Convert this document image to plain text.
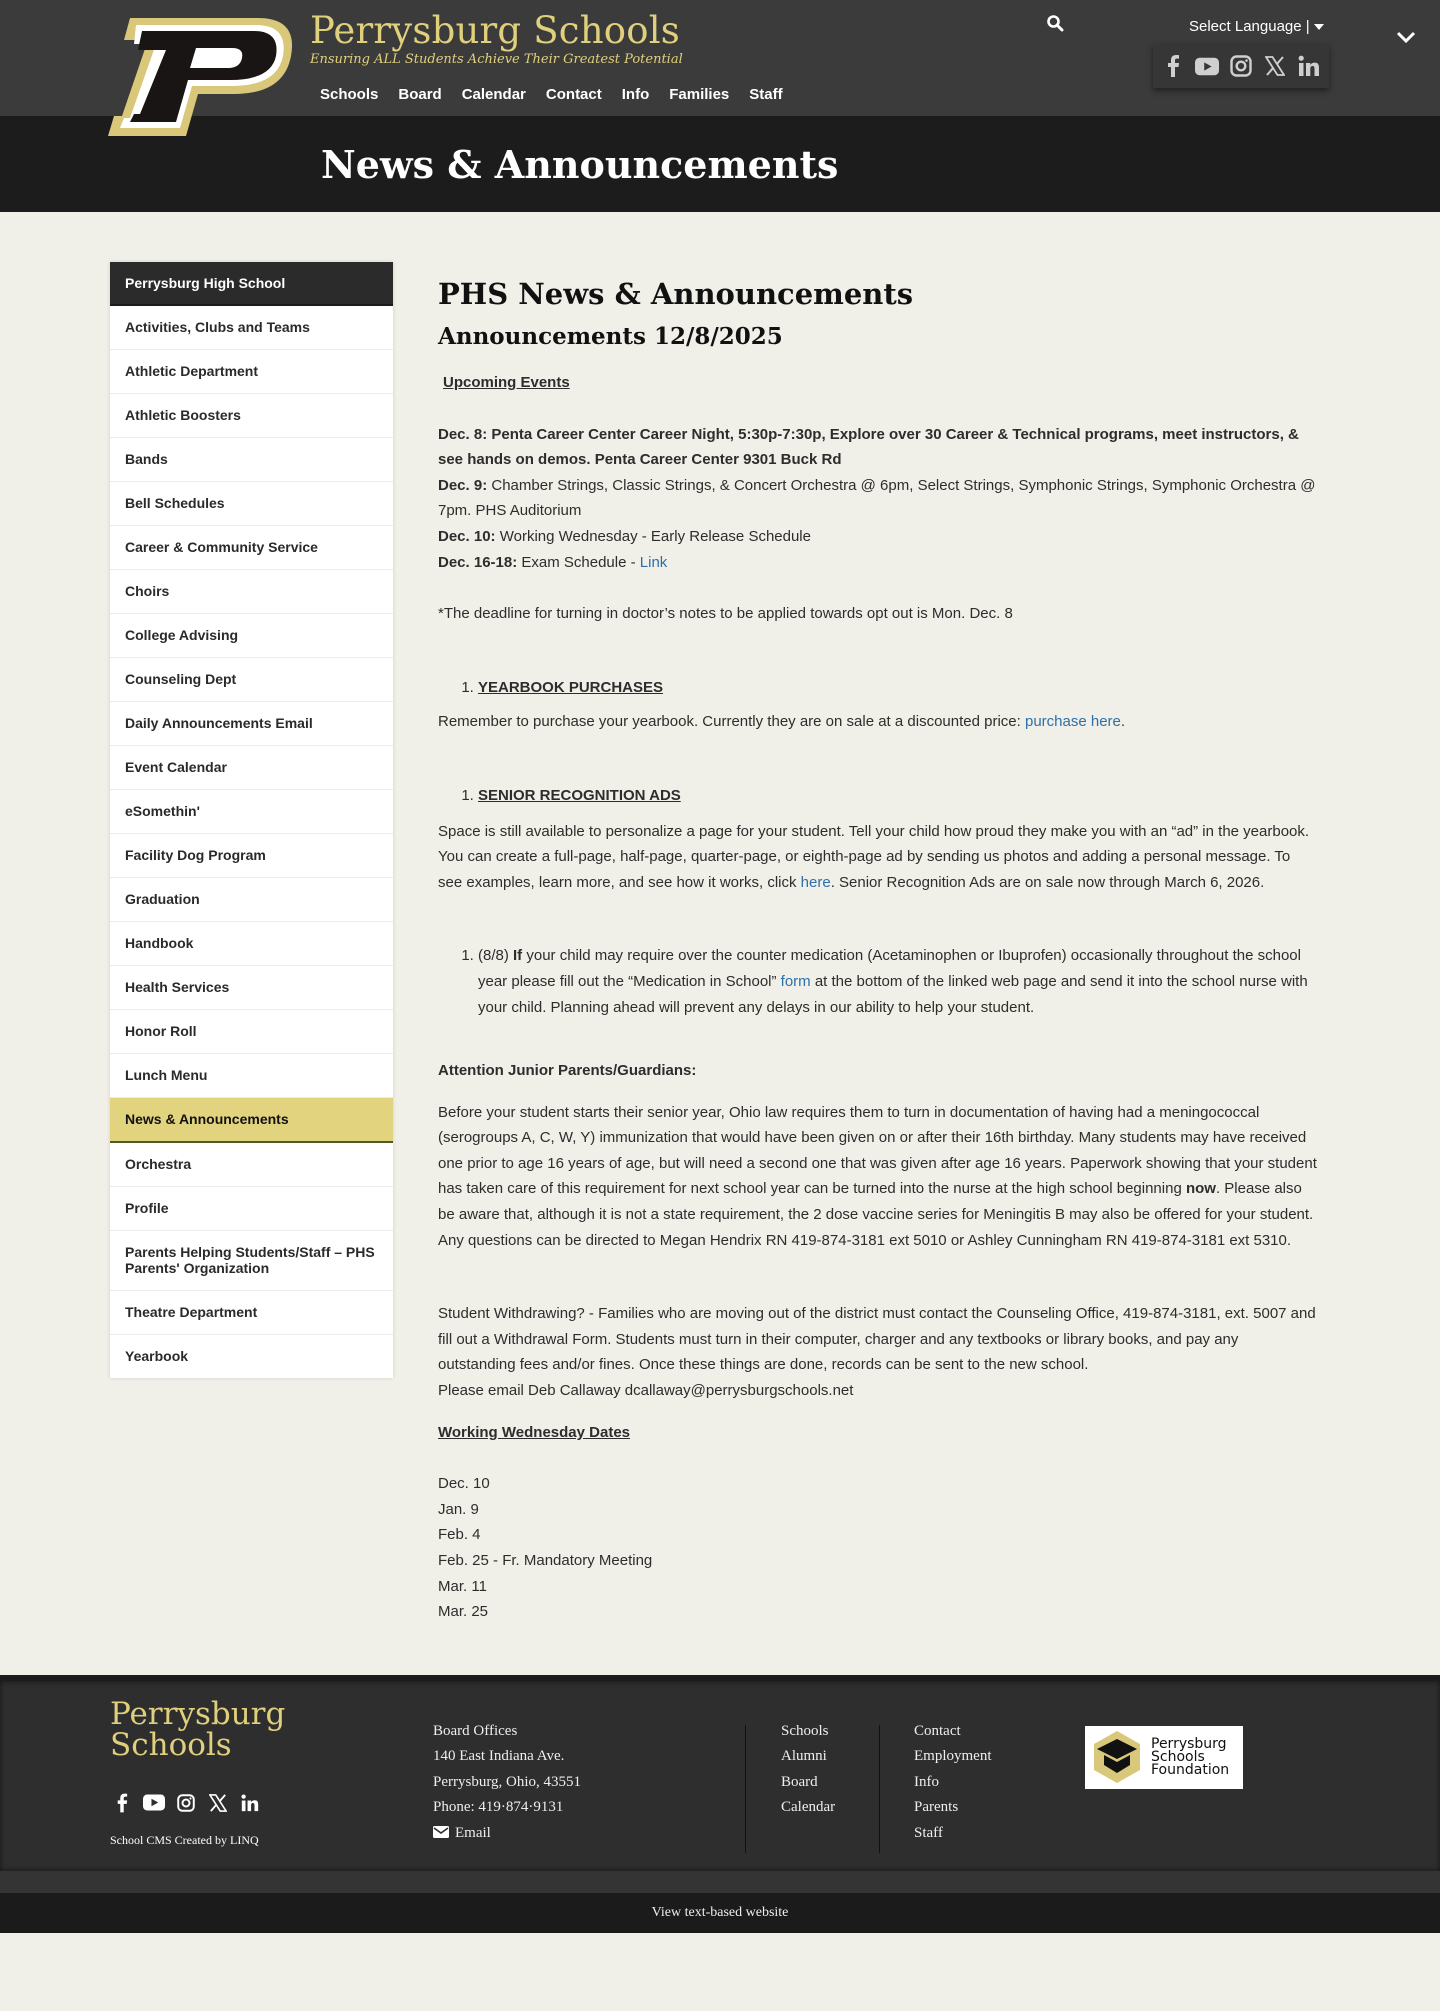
Perrysburg Schools
Ensuring ALL Students Achieve Their Greatest Potential
Schools Board Calendar Contact Info Families Staff
Select Language |
News & Announcements
Perrysburg High School
Activities, Clubs and Teams
Athletic Department
Athletic Boosters
Bands
Bell Schedules
Career & Community Service
Choirs
College Advising
Counseling Dept
Daily Announcements Email
Event Calendar
eSomethin'
Facility Dog Program
Graduation
Handbook
Health Services
Honor Roll
Lunch Menu
News & Announcements
Orchestra
Profile
Parents Helping Students/Staff – PHS Parents' Organization
Theatre Department
Yearbook
PHS News & Announcements
Announcements 12/8/2025
Upcoming Events
Dec. 8: Penta Career Center Career Night, 5:30p-7:30p, Explore over 30 Career & Technical programs, meet instructors, & see hands on demos. Penta Career Center 9301 Buck Rd
Dec. 9: Chamber Strings, Classic Strings, & Concert Orchestra @ 6pm, Select Strings, Symphonic Strings, Symphonic Orchestra @ 7pm. PHS Auditorium
Dec. 10: Working Wednesday - Early Release Schedule
Dec. 16-18: Exam Schedule - Link
*The deadline for turning in doctor’s notes to be applied towards opt out is Mon. Dec. 8
1. YEARBOOK PURCHASES
Remember to purchase your yearbook. Currently they are on sale at a discounted price: purchase here.
1. SENIOR RECOGNITION ADS
Space is still available to personalize a page for your student. Tell your child how proud they make you with an “ad” in the yearbook. You can create a full-page, half-page, quarter-page, or eighth-page ad by sending us photos and adding a personal message. To see examples, learn more, and see how it works, click here. Senior Recognition Ads are on sale now through March 6, 2026.
1. (8/8) If your child may require over the counter medication (Acetaminophen or Ibuprofen) occasionally throughout the school year please fill out the “Medication in School” form at the bottom of the linked web page and send it into the school nurse with your child. Planning ahead will prevent any delays in our ability to help your student.
Attention Junior Parents/Guardians:
Before your student starts their senior year, Ohio law requires them to turn in documentation of having had a meningococcal (serogroups A, C, W, Y) immunization that would have been given on or after their 16th birthday. Many students may have received one prior to age 16 years of age, but will need a second one that was given after age 16 years. Paperwork showing that your student has taken care of this requirement for next school year can be turned into the nurse at the high school beginning now. Please also be aware that, although it is not a state requirement, the 2 dose vaccine series for Meningitis B may also be offered for your student. Any questions can be directed to Megan Hendrix RN 419-874-3181 ext 5010 or Ashley Cunningham RN 419-874-3181 ext 5310.
Student Withdrawing? - Families who are moving out of the district must contact the Counseling Office, 419-874-3181, ext. 5007 and fill out a Withdrawal Form. Students must turn in their computer, charger and any textbooks or library books, and pay any outstanding fees and/or fines. Once these things are done, records can be sent to the new school.
Please email Deb Callaway dcallaway@perrysburgschools.net
Working Wednesday Dates
Dec. 10
Jan. 9
Feb. 4
Feb. 25 - Fr. Mandatory Meeting
Mar. 11
Mar. 25
Perrysburg
Schools
School CMS Created by LINQ
Board Offices
140 East Indiana Ave.
Perrysburg, Ohio, 43551
Phone: 419·874·9131
Email
Schools
Alumni
Board
Calendar
Contact
Employment
Info
Parents
Staff
Perrysburg
Schools
Foundation
View text-based website
